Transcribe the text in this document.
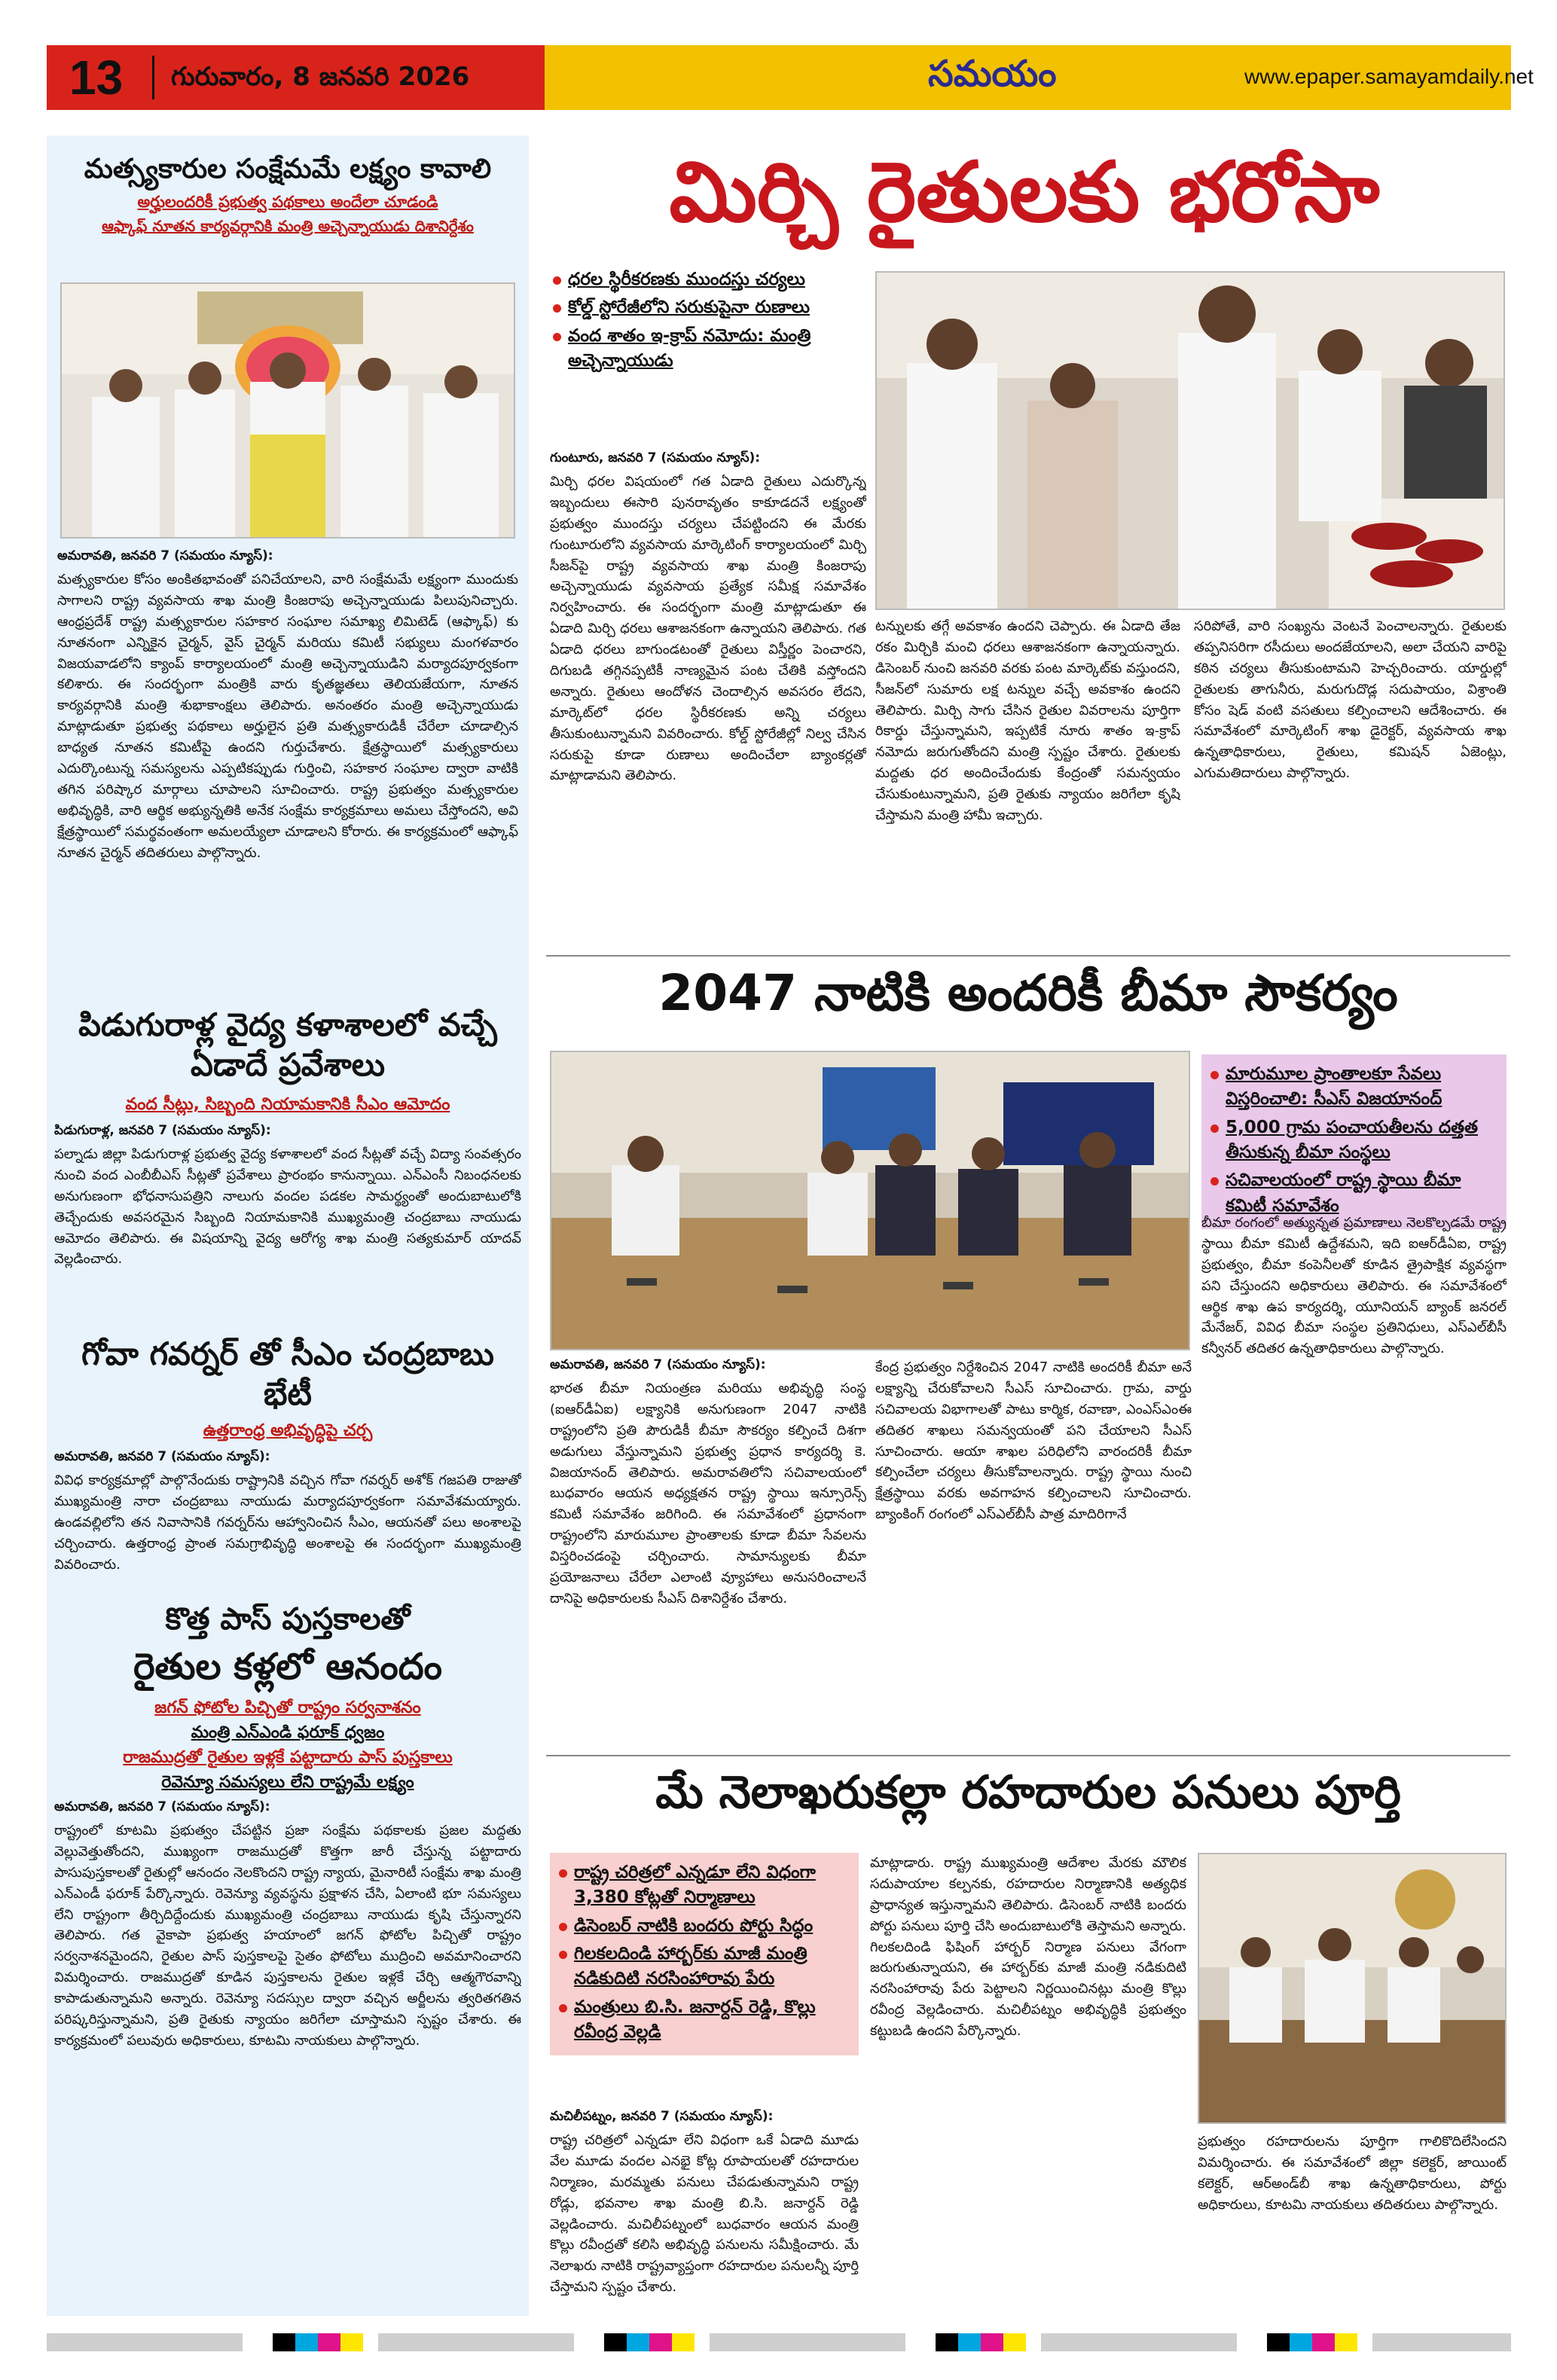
13 గురువారం, 8 జనవరి 2026	సమయం	www.epaper.samayamdaily.net
మత్స్యకారుల సంక్షేమమే లక్ష్యం కావాలి
అర్హులందరికీ ప్రభుత్వ పథకాలు అందేలా చూడండి
ఆఫ్కాఫ్ నూతన కార్యవర్గానికి మంత్రి అచ్చెన్నాయుడు దిశానిర్దేశం
అమరావతి, జనవరి 7 (సమయం న్యూస్):
మత్స్యకారుల కోసం అంకితభావంతో పనిచేయాలని, వారి సంక్షేమమే లక్ష్యంగా ముందుకు సాగాలని రాష్ట్ర వ్యవసాయ శాఖ మంత్రి కింజరాపు అచ్చెన్నాయుడు పిలుపునిచ్చారు. ఆంధ్రప్రదేశ్ రాష్ట్ర మత్స్యకారుల సహకార సంఘాల సమాఖ్య లిమిటెడ్ (ఆఫ్కాఫ్) కు నూతనంగా ఎన్నికైన చైర్మన్, వైస్ చైర్మన్ మరియు కమిటీ సభ్యులు మంగళవారం విజయవాడలోని క్యాంప్ కార్యాలయంలో మంత్రి అచ్చెన్నాయుడిని మర్యాదపూర్వకంగా కలిశారు. ఈ సందర్భంగా మంత్రికి వారు కృతజ్ఞతలు తెలియజేయగా, నూతన కార్యవర్గానికి మంత్రి శుభాకాంక్షలు తెలిపారు. అనంతరం మంత్రి అచ్చెన్నాయుడు మాట్లాడుతూ ప్రభుత్వ పథకాలు అర్హులైన ప్రతి మత్స్యకారుడికీ చేరేలా చూడాల్సిన బాధ్యత నూతన కమిటీపై ఉందని గుర్తుచేశారు. క్షేత్రస్థాయిలో మత్స్యకారులు ఎదుర్కొంటున్న సమస్యలను ఎప్పటికప్పుడు గుర్తించి, సహకార సంఘాల ద్వారా వాటికి తగిన పరిష్కార మార్గాలు చూపాలని సూచించారు. రాష్ట్ర ప్రభుత్వం మత్స్యకారుల అభివృద్ధికి, వారి ఆర్థిక అభ్యున్నతికి అనేక సంక్షేమ కార్యక్రమాలు అమలు చేస్తోందని, అవి క్షేత్రస్థాయిలో సమర్థవంతంగా అమలయ్యేలా చూడాలని కోరారు. ఈ కార్యక్రమంలో ఆఫ్కాఫ్ నూతన చైర్మన్ తదితరులు పాల్గొన్నారు.
పిడుగురాళ్ల వైద్య కళాశాలలో వచ్చే ఏడాదే ప్రవేశాలు
వంద సీట్లు, సిబ్బంది నియామకానికి సీఎం ఆమోదం
పిడుగురాళ్ల, జనవరి 7 (సమయం న్యూస్):
పల్నాడు జిల్లా పిడుగురాళ్ల ప్రభుత్వ వైద్య కళాశాలలో వంద సీట్లతో వచ్చే విద్యా సంవత్సరం నుంచి వంద ఎంబీబీఎస్ సీట్లతో ప్రవేశాలు ప్రారంభం కానున్నాయి. ఎన్ఎంసీ నిబంధనలకు అనుగుణంగా భోధనాసుపత్రిని నాలుగు వందల పడకల సామర్థ్యంతో అందుబాటులోకి తెచ్చేందుకు అవసరమైన సిబ్బంది నియామకానికి ముఖ్యమంత్రి చంద్రబాబు నాయుడు ఆమోదం తెలిపారు. ఈ విషయాన్ని వైద్య ఆరోగ్య శాఖ మంత్రి సత్యకుమార్ యాదవ్ వెల్లడించారు.
గోవా గవర్నర్ తో సీఎం చంద్రబాబు భేటీ
ఉత్తరాంధ్ర అభివృద్ధిపై చర్చ
అమరావతి, జనవరి 7 (సమయం న్యూస్):
వివిధ కార్యక్రమాల్లో పాల్గొనేందుకు రాష్ట్రానికి వచ్చిన గోవా గవర్నర్ అశోక్ గజపతి రాజుతో ముఖ్యమంత్రి నారా చంద్రబాబు నాయుడు మర్యాదపూర్వకంగా సమావేశమయ్యారు. ఉండవల్లిలోని తన నివాసానికి గవర్నర్‌ను ఆహ్వానించిన సీఎం, ఆయనతో పలు అంశాలపై చర్చించారు. ఉత్తరాంధ్ర ప్రాంత సమగ్రాభివృద్ధి అంశాలపై ఈ సందర్భంగా ముఖ్యమంత్రి వివరించారు.
కొత్త పాస్ పుస్తకాలతో
రైతుల కళ్లలో ఆనందం
జగన్ ఫోటోల పిచ్చితో రాష్ట్రం సర్వనాశనం
మంత్రి ఎన్ఎండి ఫరూక్ ధ్వజం
రాజముద్రతో రైతుల ఇళ్లకే పట్టాదారు పాస్ పుస్తకాలు
రెవెన్యూ సమస్యలు లేని రాష్ట్రమే లక్ష్యం
అమరావతి, జనవరి 7 (సమయం న్యూస్):
రాష్ట్రంలో కూటమి ప్రభుత్వం చేపట్టిన ప్రజా సంక్షేమ పథకాలకు ప్రజల మద్దతు వెల్లువెత్తుతోందని, ముఖ్యంగా రాజముద్రతో కొత్తగా జారీ చేస్తున్న పట్టాదారు పాసుపుస్తకాలతో రైతుల్లో ఆనందం నెలకొందని రాష్ట్ర న్యాయ, మైనారిటీ సంక్షేమ శాఖ మంత్రి ఎన్ఎండీ ఫరూక్ పేర్కొన్నారు. రెవెన్యూ వ్యవస్థను ప్రక్షాళన చేసి, ఏలాంటి భూ సమస్యలు లేని రాష్ట్రంగా తీర్చిదిద్దేందుకు ముఖ్యమంత్రి చంద్రబాబు నాయుడు కృషి చేస్తున్నారని తెలిపారు. గత వైకాపా ప్రభుత్వ హయాంలో జగన్ ఫోటోల పిచ్చితో రాష్ట్రం సర్వనాశనమైందని, రైతుల పాస్ పుస్తకాలపై సైతం ఫోటోలు ముద్రించి అవమానించారని విమర్శించారు. రాజముద్రతో కూడిన పుస్తకాలను రైతుల ఇళ్లకే చేర్చి ఆత్మగౌరవాన్ని కాపాడుతున్నామని అన్నారు. రెవెన్యూ సదస్సుల ద్వారా వచ్చిన అర్జీలను త్వరితగతిన పరిష్కరిస్తున్నామని, ప్రతి రైతుకు న్యాయం జరిగేలా చూస్తామని స్పష్టం చేశారు. ఈ కార్యక్రమంలో పలువురు అధికారులు, కూటమి నాయకులు పాల్గొన్నారు.
మిర్చి రైతులకు భరోసా
ధరల స్థిరీకరణకు ముందస్తు చర్యలు
కోల్డ్ స్టోరేజీలోని సరుకుపైనా రుణాలు
వంద శాతం ఇ-క్రాప్ నమోదు: మంత్రి అచ్చెన్నాయుడు
గుంటూరు, జనవరి 7 (సమయం న్యూస్):
మిర్చి ధరల విషయంలో గత ఏడాది రైతులు ఎదుర్కొన్న ఇబ్బందులు ఈసారి పునరావృతం కాకూడదనే లక్ష్యంతో ప్రభుత్వం ముందస్తు చర్యలు చేపట్టిందని ఈ మేరకు గుంటూరులోని వ్యవసాయ మార్కెటింగ్ కార్యాలయంలో మిర్చి సీజన్‌పై రాష్ట్ర వ్యవసాయ శాఖ మంత్రి కింజరాపు అచ్చెన్నాయుడు వ్యవసాయ ప్రత్యేక సమీక్ష సమావేశం నిర్వహించారు. ఈ సందర్భంగా మంత్రి మాట్లాడుతూ ఈ ఏడాది మిర్చి ధరలు ఆశాజనకంగా ఉన్నాయని తెలిపారు. గత ఏడాది ధరలు బాగుండటంతో రైతులు విస్తీర్ణం పెంచారని, దిగుబడి తగ్గినప్పటికీ నాణ్యమైన పంట చేతికి వస్తోందని అన్నారు. రైతులు ఆందోళన చెందాల్సిన అవసరం లేదని, మార్కెట్‌లో ధరల స్థిరీకరణకు అన్ని చర్యలు తీసుకుంటున్నామని వివరించారు. కోల్డ్ స్టోరేజీల్లో నిల్వ చేసిన సరుకుపై కూడా రుణాలు అందించేలా బ్యాంకర్లతో మాట్లాడామని తెలిపారు.
టన్నులకు తగ్గే అవకాశం ఉందని చెప్పారు. ఈ ఏడాది తేజ రకం మిర్చికి మంచి ధరలు ఆశాజనకంగా ఉన్నాయన్నారు. డిసెంబర్ నుంచి జనవరి వరకు పంట మార్కెట్‌కు వస్తుందని, సీజన్‌లో సుమారు లక్ష టన్నుల వచ్చే అవకాశం ఉందని తెలిపారు. మిర్చి సాగు చేసిన రైతుల వివరాలను పూర్తిగా రికార్డు చేస్తున్నామని, ఇప్పటికే నూరు శాతం ఇ-క్రాప్ నమోదు జరుగుతోందని మంత్రి స్పష్టం చేశారు. రైతులకు మద్దతు ధర అందించేందుకు కేంద్రంతో సమన్వయం చేసుకుంటున్నామని, ప్రతి రైతుకు న్యాయం జరిగేలా కృషి చేస్తామని మంత్రి హామీ ఇచ్చారు.
సరిపోతే, వారి సంఖ్యను వెంటనే పెంచాలన్నారు. రైతులకు తప్పనిసరిగా రసీదులు అందజేయాలని, అలా చేయని వారిపై కఠిన చర్యలు తీసుకుంటామని హెచ్చరించారు. యార్డుల్లో రైతులకు తాగునీరు, మరుగుదొడ్ల సదుపాయం, విశ్రాంతి కోసం షెడ్ వంటి వసతులు కల్పించాలని ఆదేశించారు. ఈ సమావేశంలో మార్కెటింగ్ శాఖ డైరెక్టర్, వ్యవసాయ శాఖ ఉన్నతాధికారులు, రైతులు, కమిషన్ ఏజెంట్లు, ఎగుమతిదారులు పాల్గొన్నారు.
2047 నాటికి అందరికీ బీమా సౌకర్యం
మారుమూల ప్రాంతాలకూ సేవలు విస్తరించాలి: సీఎస్ విజయానంద్
5,000 గ్రామ పంచాయతీలను దత్తత తీసుకున్న బీమా సంస్థలు
సచివాలయంలో రాష్ట్ర స్థాయి బీమా కమిటీ సమావేశం
అమరావతి, జనవరి 7 (సమయం న్యూస్):
భారత బీమా నియంత్రణ మరియు అభివృద్ధి సంస్థ (ఐఆర్‌డీఏఐ) లక్ష్యానికి అనుగుణంగా 2047 నాటికి రాష్ట్రంలోని ప్రతి పౌరుడికీ బీమా సౌకర్యం కల్పించే దిశగా అడుగులు వేస్తున్నామని ప్రభుత్వ ప్రధాన కార్యదర్శి కె. విజయానంద్ తెలిపారు. అమరావతిలోని సచివాలయంలో బుధవారం ఆయన అధ్యక్షతన రాష్ట్ర స్థాయి ఇన్సూరెన్స్ కమిటీ సమావేశం జరిగింది. ఈ సమావేశంలో ప్రధానంగా రాష్ట్రంలోని మారుమూల ప్రాంతాలకు కూడా బీమా సేవలను విస్తరించడంపై చర్చించారు. సామాన్యులకు బీమా ప్రయోజనాలు చేరేలా ఎలాంటి వ్యూహాలు అనుసరించాలనే దానిపై అధికారులకు సీఎస్ దిశానిర్దేశం చేశారు.
కేంద్ర ప్రభుత్వం నిర్దేశించిన 2047 నాటికి అందరికీ బీమా అనే లక్ష్యాన్ని చేరుకోవాలని సీఎస్ సూచించారు. గ్రామ, వార్డు సచివాలయ విభాగాలతో పాటు కార్మిక, రవాణా, ఎంఎస్ఎంఈ తదితర శాఖలు సమన్వయంతో పని చేయాలని సీఎస్ సూచించారు. ఆయా శాఖల పరిధిలోని వారందరికీ బీమా కల్పించేలా చర్యలు తీసుకోవాలన్నారు. రాష్ట్ర స్థాయి నుంచి క్షేత్రస్థాయి వరకు అవగాహన కల్పించాలని సూచించారు. బ్యాంకింగ్ రంగంలో ఎస్ఎల్‌బీసీ పాత్ర మాదిరిగానే
బీమా రంగంలో అత్యున్నత ప్రమాణాలు నెలకొల్పడమే రాష్ట్ర స్థాయి బీమా కమిటీ ఉద్దేశమని, ఇది ఐఆర్‌డీఏఐ, రాష్ట్ర ప్రభుత్వం, బీమా కంపెనీలతో కూడిన త్రైపాక్షిక వ్యవస్థగా పని చేస్తుందని అధికారులు తెలిపారు. ఈ సమావేశంలో ఆర్థిక శాఖ ఉప కార్యదర్శి, యూనియన్ బ్యాంక్ జనరల్ మేనేజర్, వివిధ బీమా సంస్థల ప్రతినిధులు, ఎస్ఎల్‌బీసీ కన్వీనర్ తదితర ఉన్నతాధికారులు పాల్గొన్నారు.
మే నెలాఖరుకల్లా రహదారుల పనులు పూర్తి
రాష్ట్ర చరిత్రలో ఎన్నడూ లేని విధంగా 3,380 కోట్లతో నిర్మాణాలు
డిసెంబర్ నాటికి బందరు పోర్టు సిద్ధం
గిలకలదిండి హార్బర్‌కు మాజీ మంత్రి నడికుదిటి నరసింహారావు పేరు
మంత్రులు బి.సి. జనార్దన్ రెడ్డి, కొల్లు రవీంద్ర వెల్లడి
మచిలీపట్నం, జనవరి 7 (సమయం న్యూస్):
రాష్ట్ర చరిత్రలో ఎన్నడూ లేని విధంగా ఒకే ఏడాది మూడు వేల మూడు వందల ఎనభై కోట్ల రూపాయలతో రహదారుల నిర్మాణం, మరమ్మతు పనులు చేపడుతున్నామని రాష్ట్ర రోడ్లు, భవనాల శాఖ మంత్రి బి.సి. జనార్దన్ రెడ్డి వెల్లడించారు. మచిలీపట్నంలో బుధవారం ఆయన మంత్రి కొల్లు రవీంద్రతో కలిసి అభివృద్ధి పనులను సమీక్షించారు. మే నెలాఖరు నాటికి రాష్ట్రవ్యాప్తంగా రహదారుల పనులన్నీ పూర్తి చేస్తామని స్పష్టం చేశారు.
మాట్లాడారు. రాష్ట్ర ముఖ్యమంత్రి ఆదేశాల మేరకు మౌలిక సదుపాయాల కల్పనకు, రహదారుల నిర్మాణానికి అత్యధిక ప్రాధాన్యత ఇస్తున్నామని తెలిపారు. డిసెంబర్ నాటికి బందరు పోర్టు పనులు పూర్తి చేసి అందుబాటులోకి తెస్తామని అన్నారు. గిలకలదిండి ఫిషింగ్ హార్బర్ నిర్మాణ పనులు వేగంగా జరుగుతున్నాయని, ఈ హార్బర్‌కు మాజీ మంత్రి నడికుదిటి నరసింహారావు పేరు పెట్టాలని నిర్ణయించినట్లు మంత్రి కొల్లు రవీంద్ర వెల్లడించారు. మచిలీపట్నం అభివృద్ధికి ప్రభుత్వం కట్టుబడి ఉందని పేర్కొన్నారు.
ప్రభుత్వం రహదారులను పూర్తిగా గాలికొదిలేసిందని విమర్శించారు. ఈ సమావేశంలో జిల్లా కలెక్టర్, జాయింట్ కలెక్టర్, ఆర్అండ్‌బీ శాఖ ఉన్నతాధికారులు, పోర్టు అధికారులు, కూటమి నాయకులు తదితరులు పాల్గొన్నారు.
